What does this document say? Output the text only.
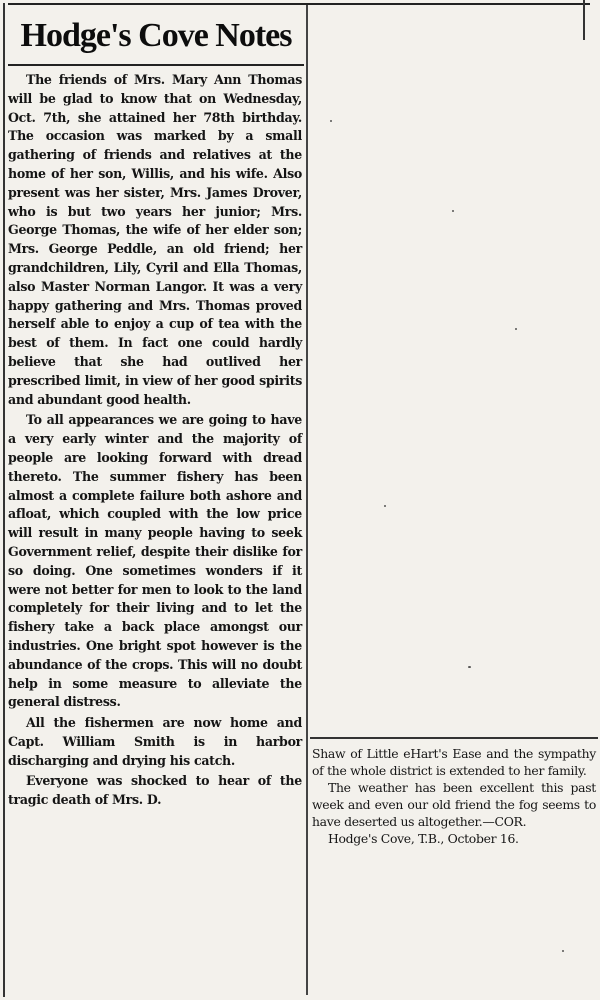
Hodge's Cove Notes

The friends of Mrs. Mary Ann Thomas will be glad to know that on Wednesday, Oct. 7th, she attained her 78th birthday. The occasion was marked by a small gathering of friends and relatives at the home of her son, Willis, and his wife. Also present was her sister, Mrs. James Drover, who is but two years her junior; Mrs. George Thomas, the wife of her elder son; Mrs. George Peddle, an old friend; her grandchildren, Lily, Cyril and Ella Thomas, also Master Norman Langor. It was a very happy gathering and Mrs. Thomas proved herself able to enjoy a cup of tea with the best of them. In fact one could hardly believe that she had outlived her prescribed limit, in view of her good spirits and abundant good health.

To all appearances we are going to have a very early winter and the majority of people are looking forward with dread thereto. The summer fishery has been almost a complete failure both ashore and afloat, which coupled with the low price will result in many people having to seek Government relief, despite their dislike for so doing. One sometimes wonders if it were not better for men to look to the land completely for their living and to let the fishery take a back place amongst our industries. One bright spot however is the abundance of the crops. This will no doubt help in some measure to alleviate the general distress.

All the fishermen are now home and Capt. William Smith is in harbor discharging and drying his catch.

Everyone was shocked to hear of the tragic death of Mrs. D.

Shaw of Little eHart's Ease and the sympathy of the whole district is extended to her family.

The weather has been excellent this past week and even our old friend the fog seems to have deserted us altogether.—COR.

Hodge's Cove, T.B., October 16.
